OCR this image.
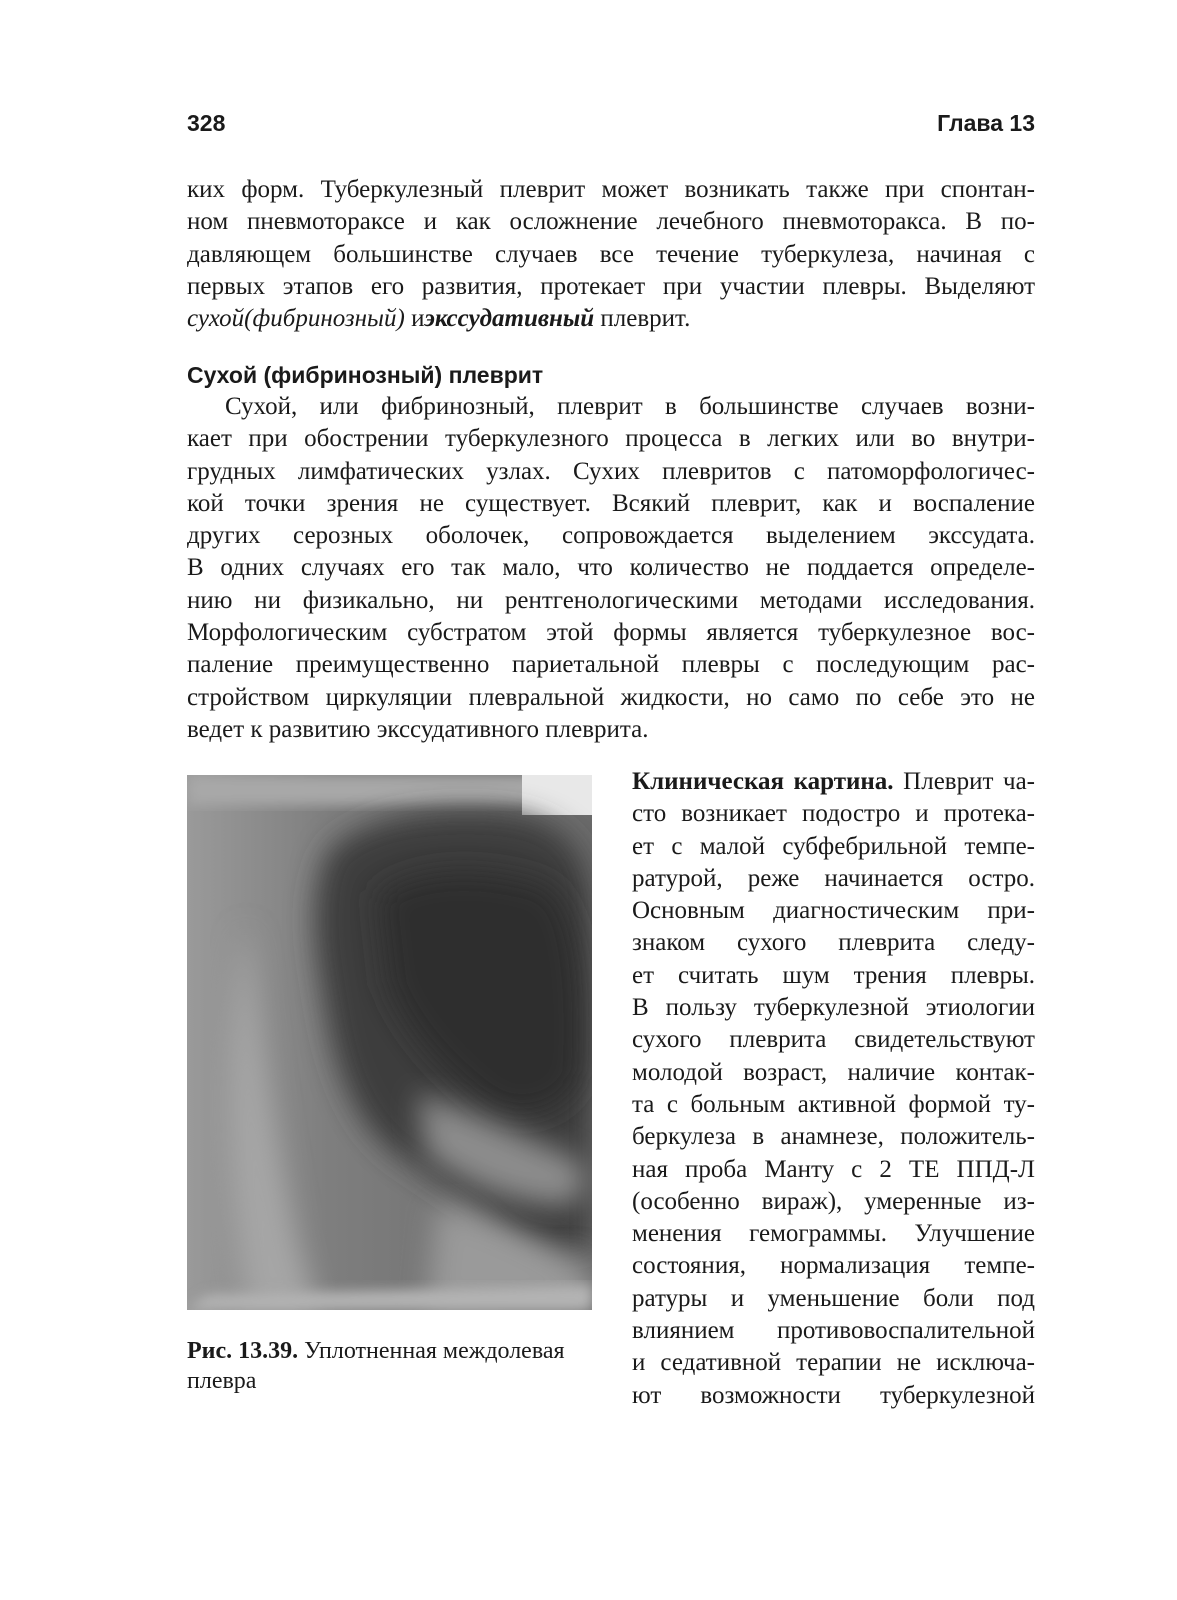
328	Глава 13
ких форм. Туберкулезный плеврит может возникать также при спонтан-
ном пневмотораксе и как осложнение лечебного пневмоторакса. В по-
давляющем большинстве случаев все течение туберкулеза, начиная с
первых этапов его развития, протекает при участии плевры. Выделяют
сухой(фибринозный) иэкссудативный плеврит.
Сухой (фибринозный) плеврит
Сухой, или фибринозный, плеврит в большинстве случаев возни-
кает при обострении туберкулезного процесса в легких или во внутри-
грудных лимфатических узлах. Сухих плевритов с патоморфологичес-
кой точки зрения не существует. Всякий плеврит, как и воспаление
других серозных оболочек, сопровождается выделением экссудата.
В одних случаях его так мало, что количество не поддается определе-
нию ни физикально, ни рентгенологическими методами исследования.
Морфологическим субстратом этой формы является туберкулезное вос-
паление преимущественно париетальной плевры с последующим рас-
стройством циркуляции плевральной жидкости, но само по себе это не
ведет к развитию экссудативного плеврита.
Рис. 13.39. Уплотненная междолевая
плевра
Клиническая картина. Плеврит ча-
сто возникает подостро и протека-
ет с малой субфебрильной темпе-
ратурой, реже начинается остро.
Основным диагностическим при-
знаком сухого плеврита следу-
ет считать шум трения плевры.
В пользу туберкулезной этиологии
сухого плеврита свидетельствуют
молодой возраст, наличие контак-
та с больным активной формой ту-
беркулеза в анамнезе, положитель-
ная проба Манту с 2 ТЕ ППД-Л
(особенно вираж), умеренные из-
менения гемограммы. Улучшение
состояния, нормализация темпе-
ратуры и уменьшение боли под
влиянием противовоспалительной
и седативной терапии не исключа-
ют возможности туберкулезной
